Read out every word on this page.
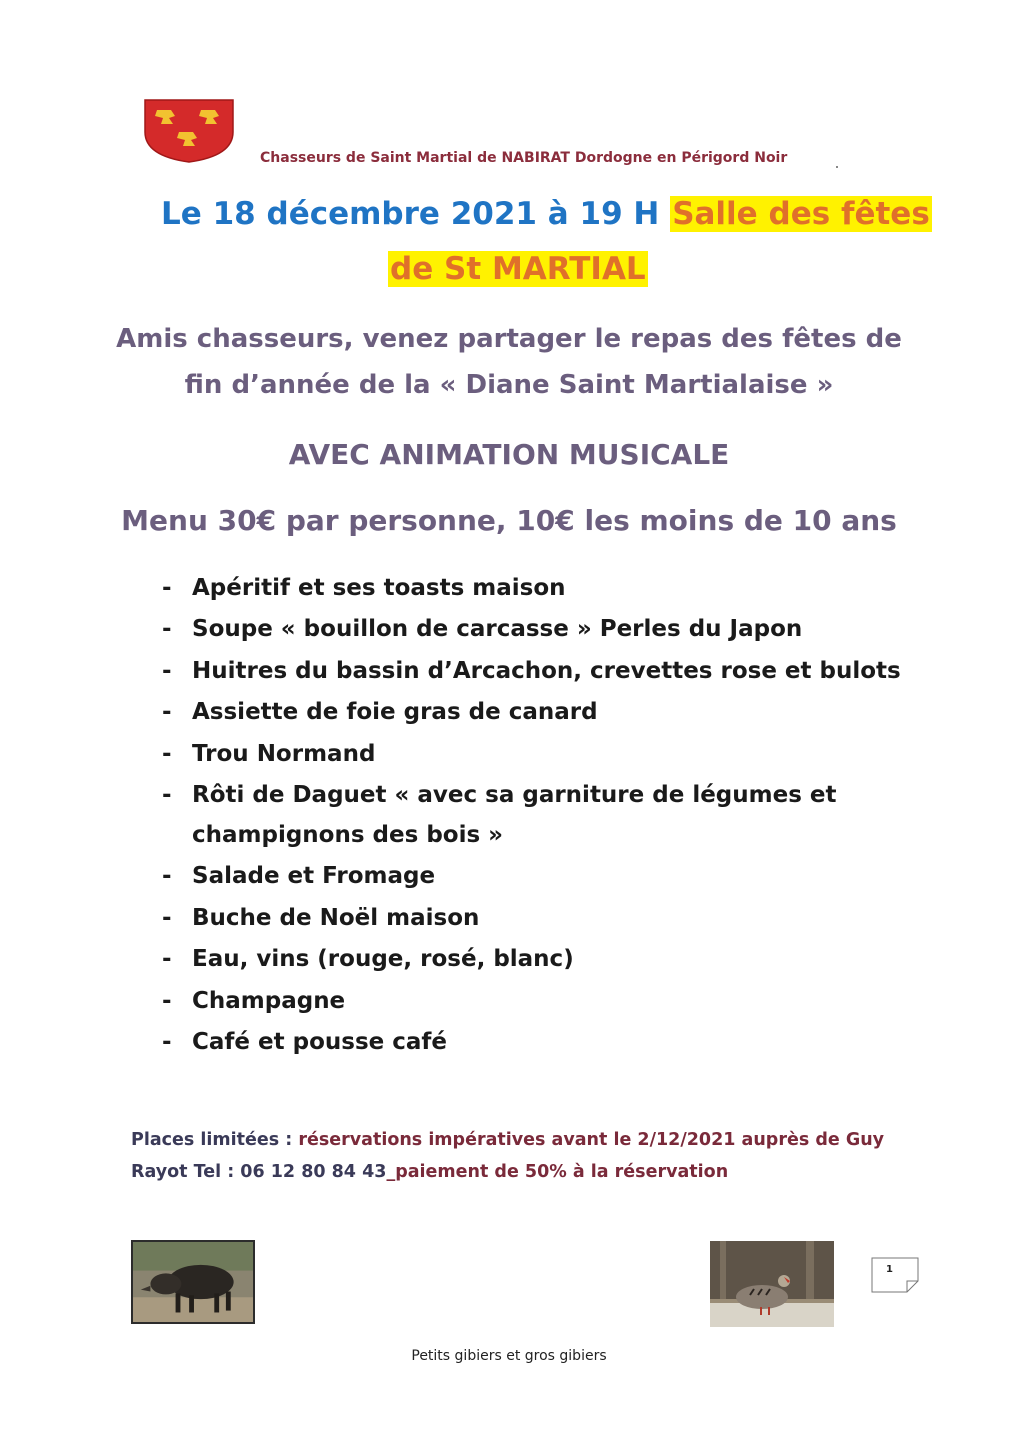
Chasseurs de Saint Martial de NABIRAT Dordogne en Périgord Noir
Le 18 décembre 2021 à 19 H Salle des fêtes
de St MARTIAL
Amis chasseurs, venez partager le repas des fêtes de
fin d’année de la « Diane Saint Martialaise »
AVEC ANIMATION MUSICALE
Menu 30€ par personne, 10€ les moins de 10 ans
- Apéritif et ses toasts maison
- Soupe « bouillon de carcasse » Perles du Japon
- Huitres du bassin d’Arcachon, crevettes rose et bulots
- Assiette de foie gras de canard
- Trou Normand
- Rôti de Daguet « avec sa garniture de légumes et champignons des bois »
- Salade et Fromage
- Buche de Noël maison
- Eau, vins (rouge, rosé, blanc)
- Champagne
- Café et pousse café
Places limitées : réservations impératives avant le 2/12/2021 auprès de Guy
Rayot Tel : 06 12 80 84 43_paiement de 50% à la réservation
1
Petits gibiers et gros gibiers
